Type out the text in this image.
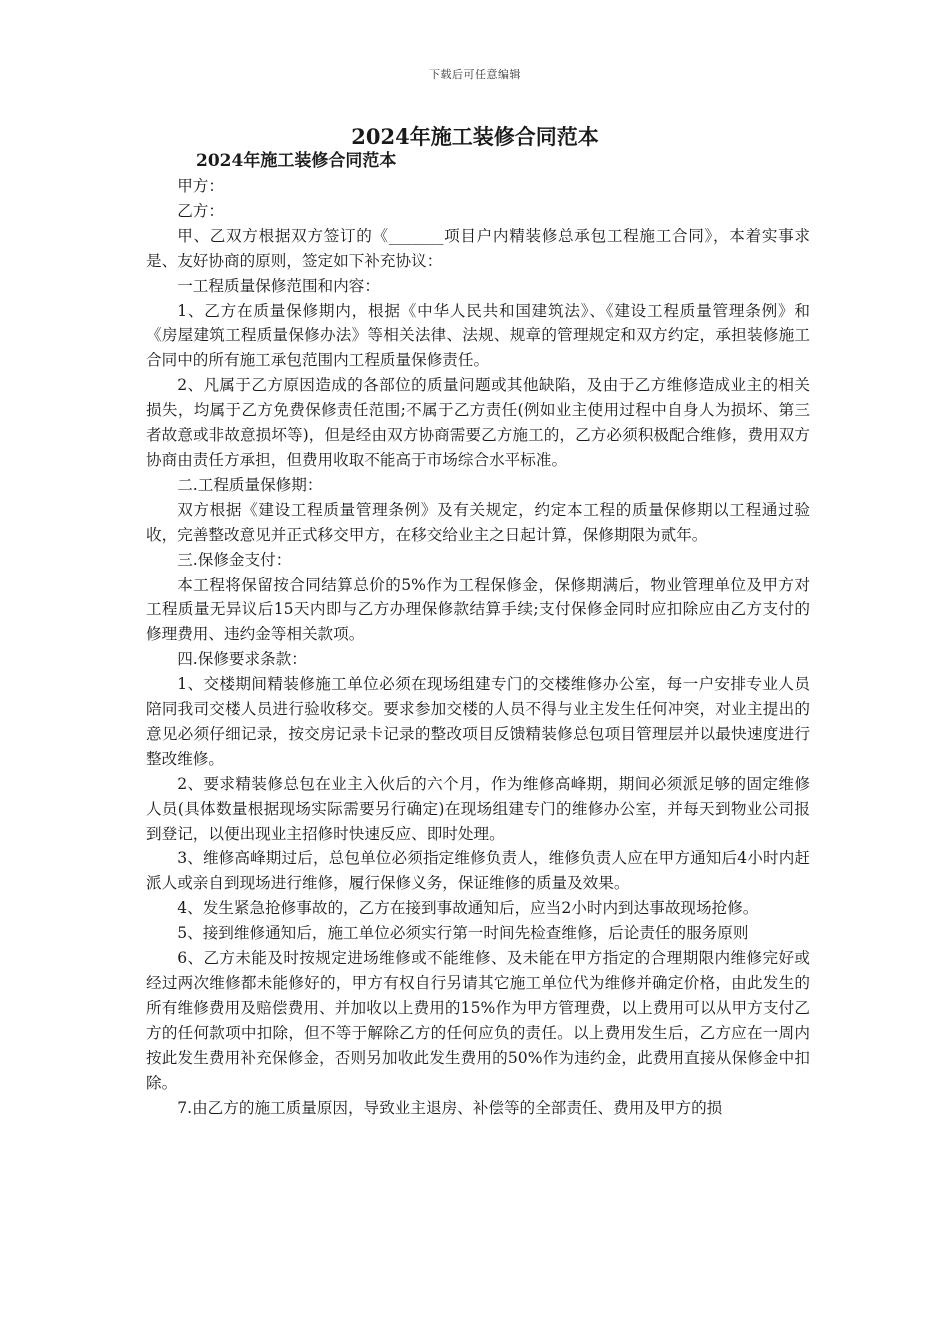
下载后可任意编辑
2024年施工装修合同范本
2024年施工装修合同范本

甲方：

乙方：

甲、乙双方根据双方签订的《_______项目户内精装修总承包工程施工合同》，本着实事求是、友好协商的原则，签定如下补充协议：

一工程质量保修范围和内容：

1、乙方在质量保修期内，根据《中华人民共和国建筑法》、《建设工程质量管理条例》和《房屋建筑工程质量保修办法》等相关法律、法规、规章的管理规定和双方约定，承担装修施工合同中的所有施工承包范围内工程质量保修责任。

2、凡属于乙方原因造成的各部位的质量问题或其他缺陷，及由于乙方维修造成业主的相关损失，均属于乙方免费保修责任范围;不属于乙方责任(例如业主使用过程中自身人为损坏、第三者故意或非故意损坏等)，但是经由双方协商需要乙方施工的，乙方必须积极配合维修，费用双方协商由责任方承担，但费用收取不能高于市场综合水平标准。

二.工程质量保修期：

双方根据《建设工程质量管理条例》及有关规定，约定本工程的质量保修期以工程通过验收，完善整改意见并正式移交甲方，在移交给业主之日起计算，保修期限为贰年。

三.保修金支付：

本工程将保留按合同结算总价的5%作为工程保修金，保修期满后，物业管理单位及甲方对工程质量无异议后15天内即与乙方办理保修款结算手续;支付保修金同时应扣除应由乙方支付的修理费用、违约金等相关款项。

四.保修要求条款：

1、交楼期间精装修施工单位必须在现场组建专门的交楼维修办公室，每一户安排专业人员陪同我司交楼人员进行验收移交。要求参加交楼的人员不得与业主发生任何冲突，对业主提出的意见必须仔细记录，按交房记录卡记录的整改项目反馈精装修总包项目管理层并以最快速度进行整改维修。

2、要求精装修总包在业主入伙后的六个月，作为维修高峰期，期间必须派足够的固定维修人员(具体数量根据现场实际需要另行确定)在现场组建专门的维修办公室，并每天到物业公司报到登记，以便出现业主招修时快速反应、即时处理。

3、维修高峰期过后，总包单位必须指定维修负责人，维修负责人应在甲方通知后4小时内赶派人或亲自到现场进行维修，履行保修义务，保证维修的质量及效果。

4、发生紧急抢修事故的，乙方在接到事故通知后，应当2小时内到达事故现场抢修。

5、接到维修通知后，施工单位必须实行第一时间先检查维修，后论责任的服务原则

6、乙方未能及时按规定进场维修或不能维修、及未能在甲方指定的合理期限内维修完好或经过两次维修都未能修好的，甲方有权自行另请其它施工单位代为维修并确定价格，由此发生的所有维修费用及赔偿费用、并加收以上费用的15%作为甲方管理费，以上费用可以从甲方支付乙方的任何款项中扣除，但不等于解除乙方的任何应负的责任。以上费用发生后，乙方应在一周内按此发生费用补充保修金，否则另加收此发生费用的50%作为违约金，此费用直接从保修金中扣除。

7.由乙方的施工质量原因，导致业主退房、补偿等的全部责任、费用及甲方的损
